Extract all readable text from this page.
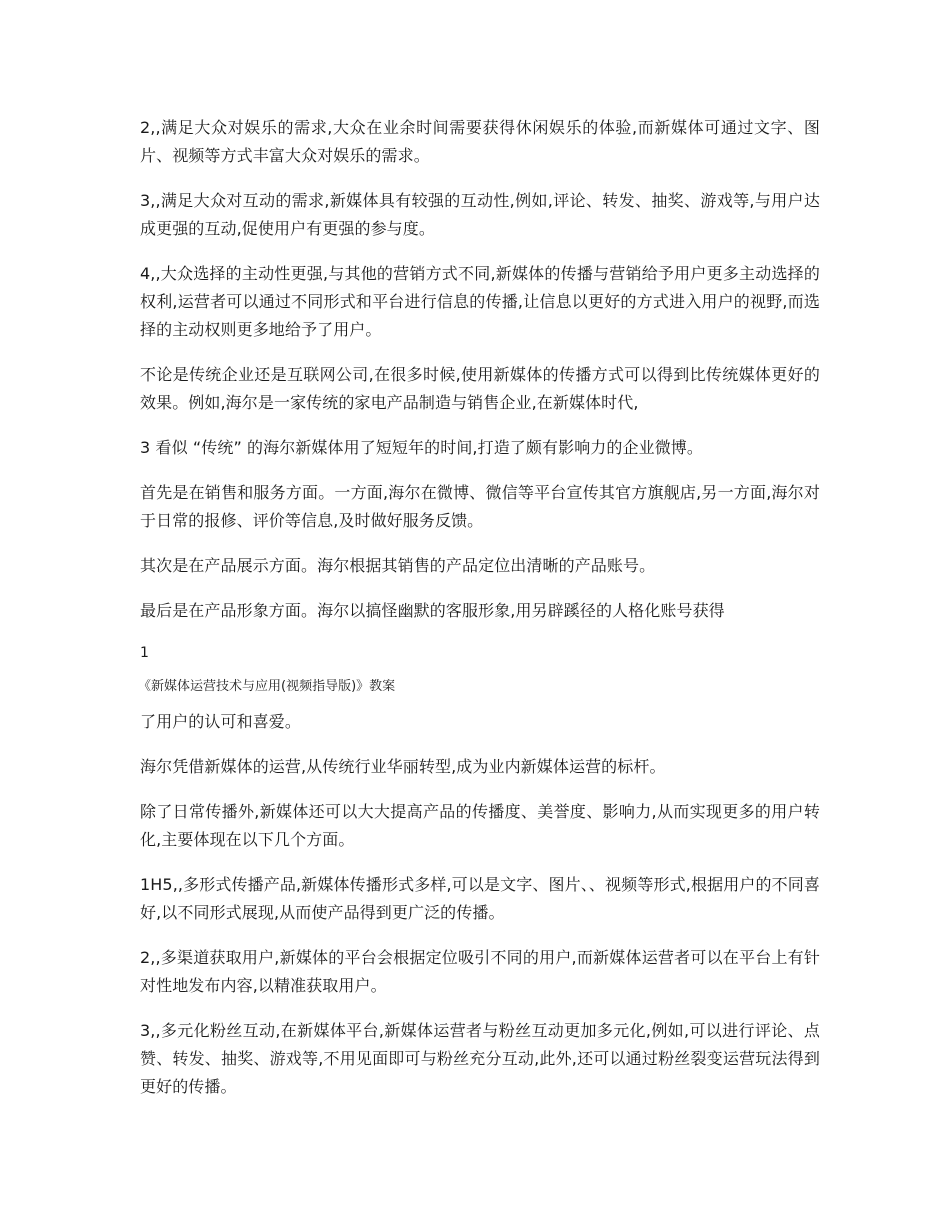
2,,满足大众对娱乐的需求,大众在业余时间需要获得休闲娱乐的体验,而新媒体可通过文字、图片、视频等方式丰富大众对娱乐的需求。

3,,满足大众对互动的需求,新媒体具有较强的互动性,例如,评论、转发、抽奖、游戏等,与用户达成更强的互动,促使用户有更强的参与度。

4,,大众选择的主动性更强,与其他的营销方式不同,新媒体的传播与营销给予用户更多主动选择的权利,运营者可以通过不同形式和平台进行信息的传播,让信息以更好的方式进入用户的视野,而选择的主动权则更多地给予了用户。

不论是传统企业还是互联网公司,在很多时候,使用新媒体的传播方式可以得到比传统媒体更好的效果。例如,海尔是一家传统的家电产品制造与销售企业,在新媒体时代,

3 看似 “传统” 的海尔新媒体用了短短年的时间,打造了颇有影响力的企业微博。

首先是在销售和服务方面。一方面,海尔在微博、微信等平台宣传其官方旗舰店,另一方面,海尔对于日常的报修、评价等信息,及时做好服务反馈。

其次是在产品展示方面。海尔根据其销售的产品定位出清晰的产品账号。

最后是在产品形象方面。海尔以搞怪幽默的客服形象,用另辟蹊径的人格化账号获得

1
《新媒体运营技术与应用(视频指导版)》教案

了用户的认可和喜爱。

海尔凭借新媒体的运营,从传统行业华丽转型,成为业内新媒体运营的标杆。

除了日常传播外,新媒体还可以大大提高产品的传播度、美誉度、影响力,从而实现更多的用户转化,主要体现在以下几个方面。

1H5,,多形式传播产品,新媒体传播形式多样,可以是文字、图片、、视频等形式,根据用户的不同喜好,以不同形式展现,从而使产品得到更广泛的传播。

2,,多渠道获取用户,新媒体的平台会根据定位吸引不同的用户,而新媒体运营者可以在平台上有针对性地发布内容,以精准获取用户。

3,,多元化粉丝互动,在新媒体平台,新媒体运营者与粉丝互动更加多元化,例如,可以进行评论、点赞、转发、抽奖、游戏等,不用见面即可与粉丝充分互动,此外,还可以通过粉丝裂变运营玩法得到更好的传播。
